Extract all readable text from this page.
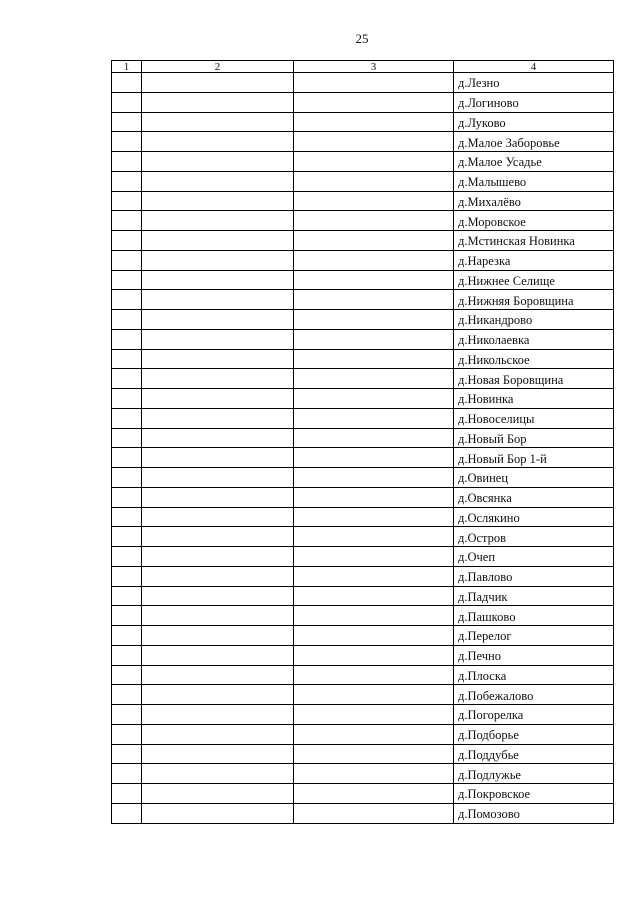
25
1	2	3	4
			д.Лезно
			д.Логиново
			д.Луково
			д.Малое Заборовье
			д.Малое Усадье
			д.Малышево
			д.Михалёво
			д.Моровское
			д.Мстинская Новинка
			д.Нарезка
			д.Нижнее Селище
			д.Нижняя Боровщина
			д.Никандрово
			д.Николаевка
			д.Никольское
			д.Новая Боровщина
			д.Новинка
			д.Новоселицы
			д.Новый Бор
			д.Новый Бор 1-й
			д.Овинец
			д.Овсянка
			д.Ослякино
			д.Остров
			д.Очеп
			д.Павлово
			д.Падчик
			д.Пашково
			д.Перелог
			д.Печно
			д.Плоска
			д.Побежалово
			д.Погорелка
			д.Подборье
			д.Поддубье
			д.Подлужье
			д.Покровское
			д.Помозово
